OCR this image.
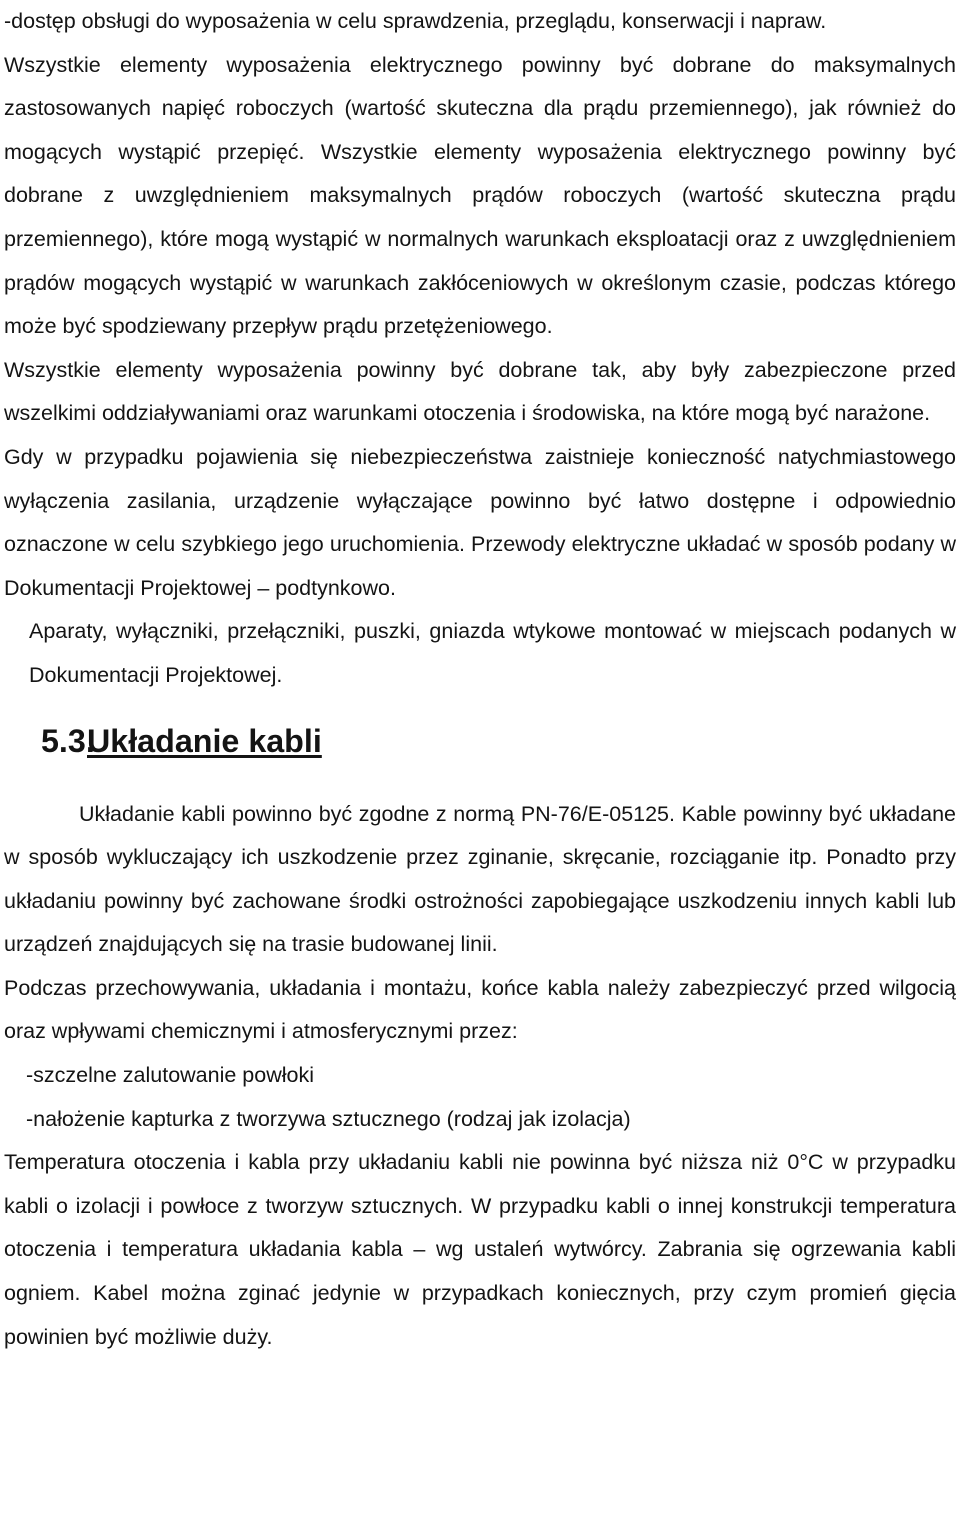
-dostęp obsługi do wyposażenia w celu sprawdzenia, przeglądu, konserwacji i napraw.

Wszystkie elementy wyposażenia elektrycznego powinny być dobrane do maksymalnych zastosowanych napięć roboczych (wartość skuteczna dla prądu przemiennego), jak również do mogących wystąpić przepięć. Wszystkie elementy wyposażenia elektrycznego powinny być dobrane z uwzględnieniem maksymalnych prądów roboczych (wartość skuteczna prądu przemiennego), które mogą wystąpić w normalnych warunkach eksploatacji oraz z uwzględnieniem prądów mogących wystąpić w warunkach zakłóceniowych w określonym czasie, podczas którego może być spodziewany przepływ prądu przetężeniowego.

Wszystkie elementy wyposażenia powinny być dobrane tak, aby były zabezpieczone przed wszelkimi oddziaływaniami oraz warunkami otoczenia i środowiska, na które mogą być narażone.

Gdy w przypadku pojawienia się niebezpieczeństwa zaistnieje konieczność natychmiastowego wyłączenia zasilania, urządzenie wyłączające powinno być łatwo dostępne i odpowiednio oznaczone w celu szybkiego jego uruchomienia. Przewody elektryczne układać w sposób podany w Dokumentacji Projektowej – podtynkowo.

Aparaty, wyłączniki, przełączniki, puszki, gniazda wtykowe montować w miejscach podanych w Dokumentacji Projektowej.

5.3.Układanie kabli

Układanie kabli powinno być zgodne z normą PN-76/E-05125. Kable powinny być układane w sposób wykluczający ich uszkodzenie przez zginanie, skręcanie, rozciąganie itp. Ponadto przy układaniu powinny być zachowane środki ostrożności zapobiegające uszkodzeniu innych kabli lub urządzeń znajdujących się na trasie budowanej linii.

Podczas przechowywania, układania i montażu, końce kabla należy zabezpieczyć przed wilgocią oraz wpływami chemicznymi i atmosferycznymi przez:

-szczelne zalutowanie powłoki

-nałożenie kapturka z tworzywa sztucznego (rodzaj jak izolacja)

Temperatura otoczenia i kabla przy układaniu kabli nie powinna być niższa niż 0°C w przypadku kabli o izolacji i powłoce z tworzyw sztucznych. W przypadku kabli o innej konstrukcji temperatura otoczenia i temperatura układania kabla – wg ustaleń wytwórcy. Zabrania się ogrzewania kabli ogniem. Kabel można zginać jedynie w przypadkach koniecznych, przy czym promień gięcia powinien być możliwie duży.
